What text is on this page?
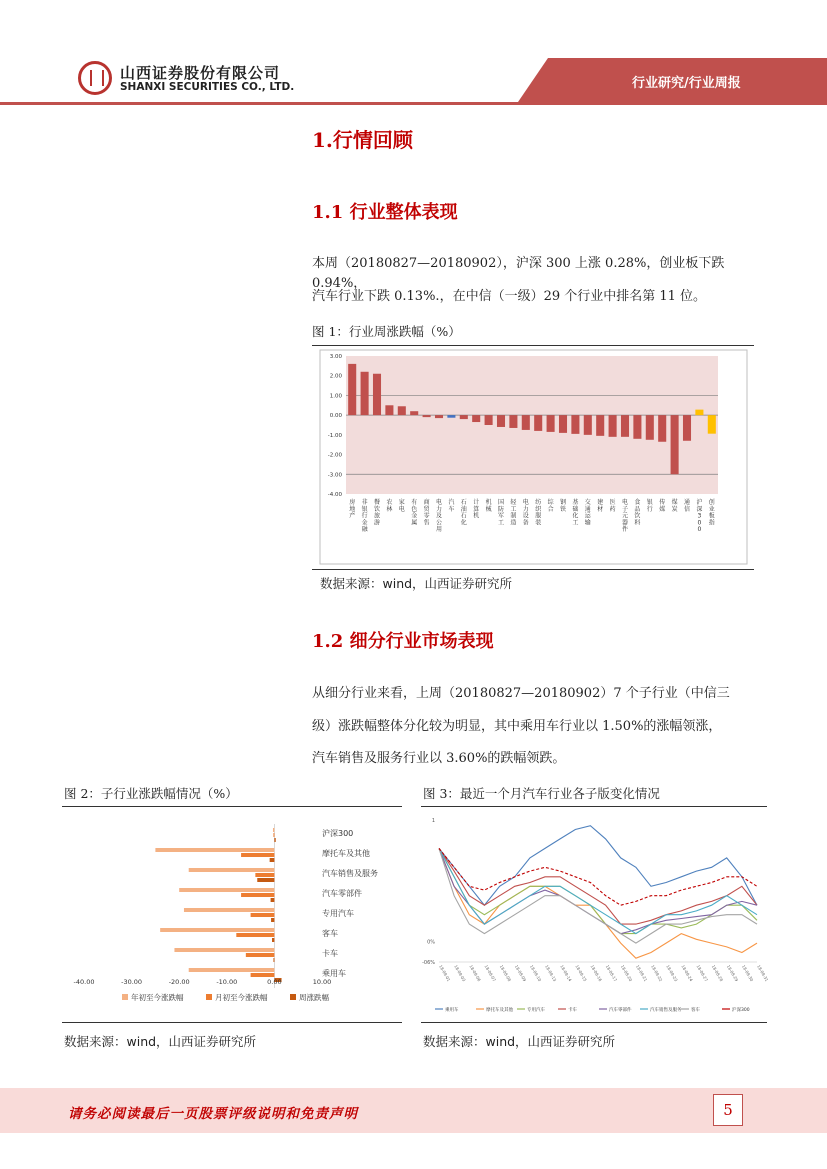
山西证券股份有限公司
SHANXI SECURITIES CO., LTD.	行业研究/行业周报
1.行情回顾
1.1 行业整体表现
本周（20180827—20180902），沪深 300 上涨 0.28%，创业板下跌 0.94%，
汽车行业下跌 0.13%.，在中信（一级）29 个行业中排名第 11 位。
图 1：行业周涨跌幅（%）
3.00
2.00
1.00
0.00
-1.00
-2.00
-3.00
-4.00
房地产
非银行金融
餐饮旅游
农林
家电
有色金属
商贸零售
电力及公用
汽车
石油石化
计算机
机械
国防军工
轻工制造
电力设备
纺织服装
综合
钢铁
基础化工
交通运输
建材
医药
电子元器件
食品饮料
银行
传媒
煤炭
通信
沪深 3 0 0
创业板指
数据来源：wind，山西证券研究所
1.2 细分行业市场表现
从细分行业来看，上周（20180827—20180902）7 个子行业（中信三
级）涨跌幅整体分化较为明显，其中乘用车行业以 1.50%的涨幅领涨，
汽车销售及服务行业以 3.60%的跌幅领跌。
图 2：子行业涨跌幅情况（%）	图 3：最近一个月汽车行业各子版变化情况
沪深300
摩托车及其他
汽车销售及服务
汽车零部件
专用汽车
客车
卡车
乘用车
-40.00	-30.00	-20.00	-10.00	0.00	10.00
年初至今涨跌幅	月初至今涨跌幅	周涨跌幅
1
0%
-06%
18-08-01 18-08-03 18-08-06 18-08-07 18-08-08 18-08-09 18-08-10 18-08-13 18-08-14 18-08-15 18-08-16 18-08-17 18-08-20 18-08-21 18-08-22 18-08-23 18-08-24 18-08-27 18-08-28 18-08-29 18-08-30 18-08-31
乘用车	摩托车及其他	专用汽车	卡车	汽车零部件	汽车销售及服务 客车	沪深300
数据来源：wind，山西证券研究所	数据来源：wind，山西证券研究所
请务必阅读最后一页股票评级说明和免责声明	5
